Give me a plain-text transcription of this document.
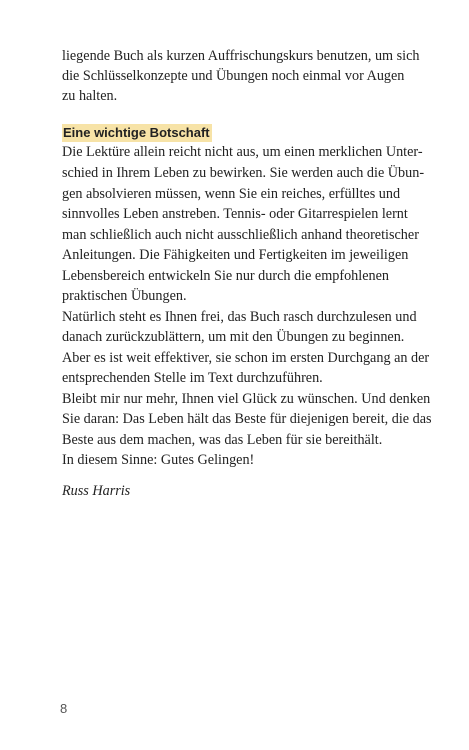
liegende Buch als kurzen Auffrischungskurs benutzen, um sich

die Schlüsselkonzepte und Übungen noch einmal vor Augen

zu halten.

Eine wichtige Botschaft

Die Lektüre allein reicht nicht aus, um einen merklichen Unter-

schied in Ihrem Leben zu bewirken. Sie werden auch die Übun-

gen absolvieren müssen, wenn Sie ein reiches, erfülltes und

sinnvolles Leben anstreben. Tennis- oder Gitarrespielen lernt

man schließlich auch nicht ausschließlich anhand theoretischer

Anleitungen. Die Fähigkeiten und Fertigkeiten im jeweiligen

Lebensbereich entwickeln Sie nur durch die empfohlenen

praktischen Übungen.

Natürlich steht es Ihnen frei, das Buch rasch durchzulesen und

danach zurückzublättern, um mit den Übungen zu beginnen.

Aber es ist weit effektiver, sie schon im ersten Durchgang an der

entsprechenden Stelle im Text durchzuführen.

Bleibt mir nur mehr, Ihnen viel Glück zu wünschen. Und denken

Sie daran: Das Leben hält das Beste für diejenigen bereit, die das

Beste aus dem machen, was das Leben für sie bereithält.

In diesem Sinne: Gutes Gelingen!

Russ Harris

8
